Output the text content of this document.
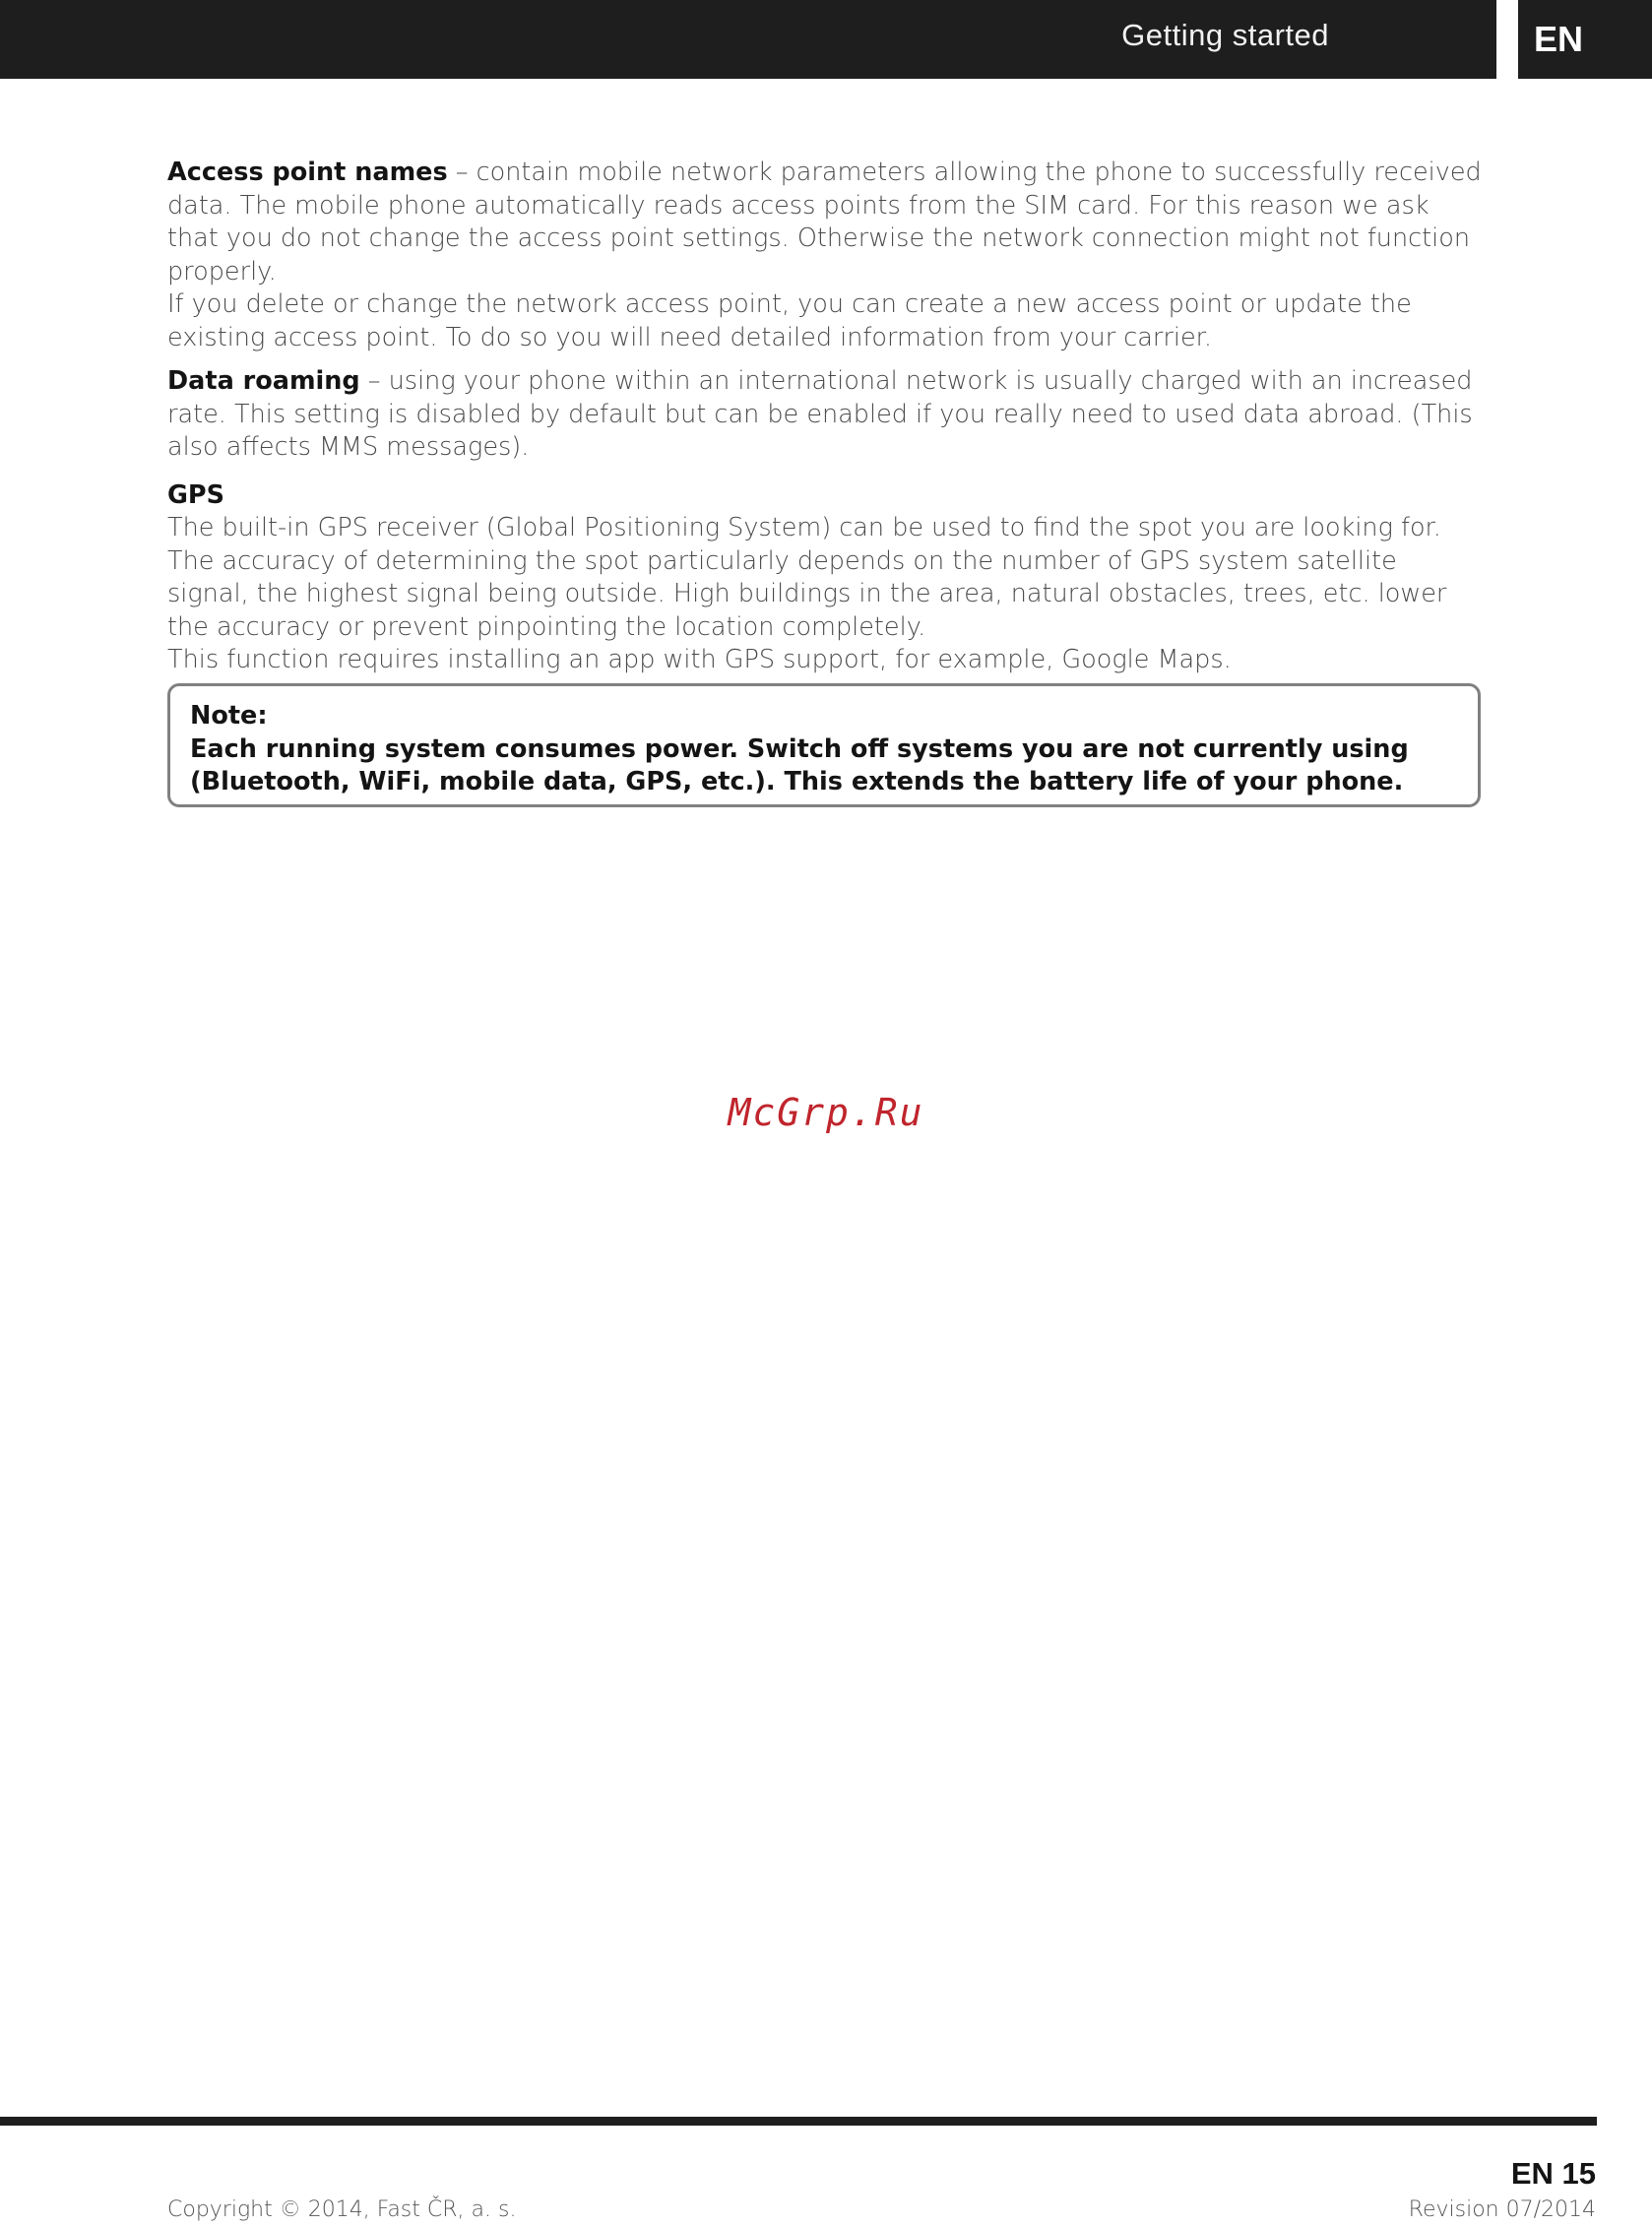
Getting started	EN

Access point names – contain mobile network parameters allowing the phone to successfully received data. The mobile phone automatically reads access points from the SIM card. For this reason we ask that you do not change the access point settings. Otherwise the network connection might not function properly.

If you delete or change the network access point, you can create a new access point or update the existing access point. To do so you will need detailed information from your carrier.

Data roaming – using your phone within an international network is usually charged with an increased rate. This setting is disabled by default but can be enabled if you really need to used data abroad. (This also affects MMS messages).

GPS

The built-in GPS receiver (Global Positioning System) can be used to find the spot you are looking for. The accuracy of determining the spot particularly depends on the number of GPS system satellite signal, the highest signal being outside. High buildings in the area, natural obstacles, trees, etc. lower the accuracy or prevent pinpointing the location completely.

This function requires installing an app with GPS support, for example, Google Maps.

Note:

Each running system consumes power. Switch off systems you are not currently using (Bluetooth, WiFi, mobile data, GPS, etc.). This extends the battery life of your phone.

McGrp.Ru
EN 15
Copyright © 2014, Fast ČR, a. s.	Revision 07/2014
